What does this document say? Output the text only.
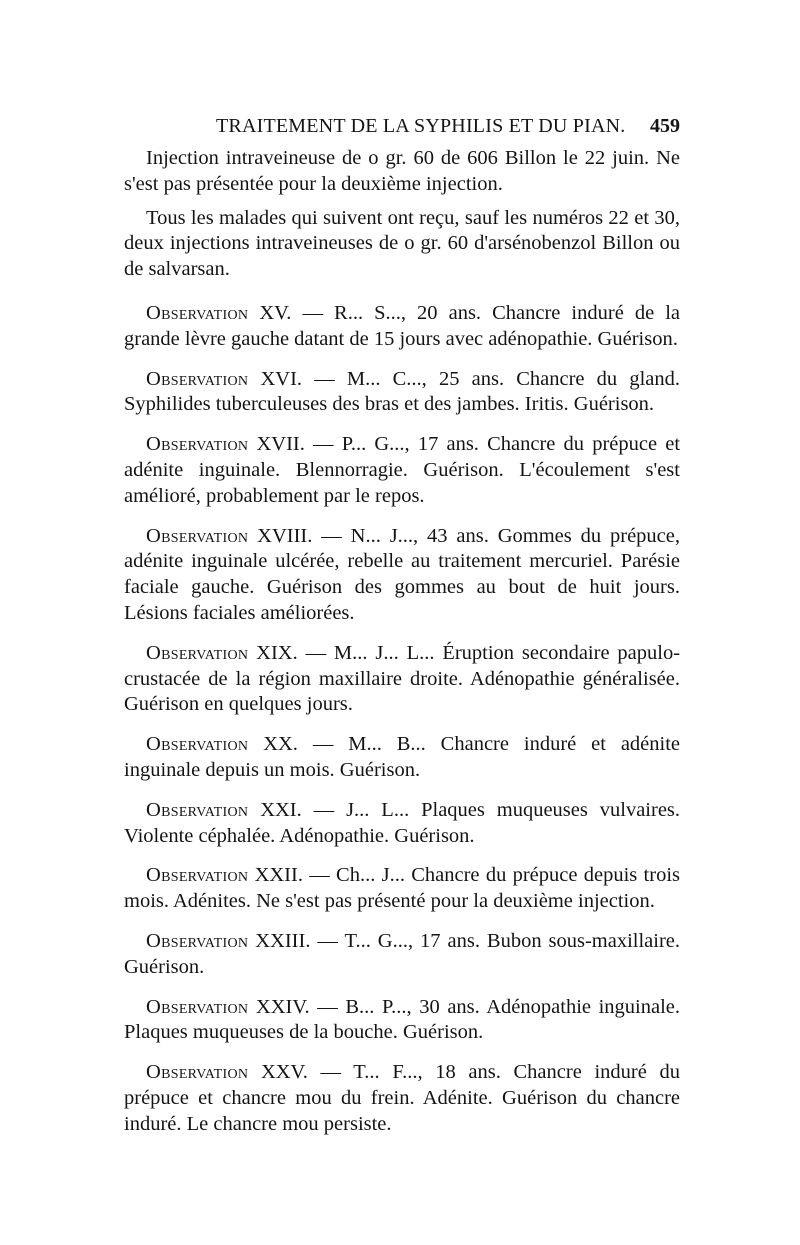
TRAITEMENT DE LA SYPHILIS ET DU PIAN. 459

Injection intraveineuse de o gr. 60 de 606 Billon le 22 juin. Ne s'est pas présentée pour la deuxième injection.

Tous les malades qui suivent ont reçu, sauf les numéros 22 et 30, deux injections intraveineuses de o gr. 60 d'arsénobenzol Billon ou de salvarsan.

Observation XV. — R... S..., 20 ans. Chancre induré de la grande lèvre gauche datant de 15 jours avec adénopathie. Guérison.

Observation XVI. — M... C..., 25 ans. Chancre du gland. Syphilides tuberculeuses des bras et des jambes. Iritis. Guérison.

Observation XVII. — P... G..., 17 ans. Chancre du prépuce et adénite inguinale. Blennorragie. Guérison. L'écoulement s'est amélioré, probablement par le repos.

Observation XVIII. — N... J..., 43 ans. Gommes du prépuce, adénite inguinale ulcérée, rebelle au traitement mercuriel. Parésie faciale gauche. Guérison des gommes au bout de huit jours. Lésions faciales améliorées.

Observation XIX. — M... J... L... Éruption secondaire papulo-crustacée de la région maxillaire droite. Adénopathie généralisée. Guérison en quelques jours.

Observation XX. — M... B... Chancre induré et adénite inguinale depuis un mois. Guérison.

Observation XXI. — J... L... Plaques muqueuses vulvaires. Violente céphalée. Adénopathie. Guérison.

Observation XXII. — Ch... J... Chancre du prépuce depuis trois mois. Adénites. Ne s'est pas présenté pour la deuxième injection.

Observation XXIII. — T... G..., 17 ans. Bubon sous-maxillaire. Guérison.

Observation XXIV. — B... P..., 30 ans. Adénopathie inguinale. Plaques muqueuses de la bouche. Guérison.

Observation XXV. — T... F..., 18 ans. Chancre induré du prépuce et chancre mou du frein. Adénite. Guérison du chancre induré. Le chancre mou persiste.
